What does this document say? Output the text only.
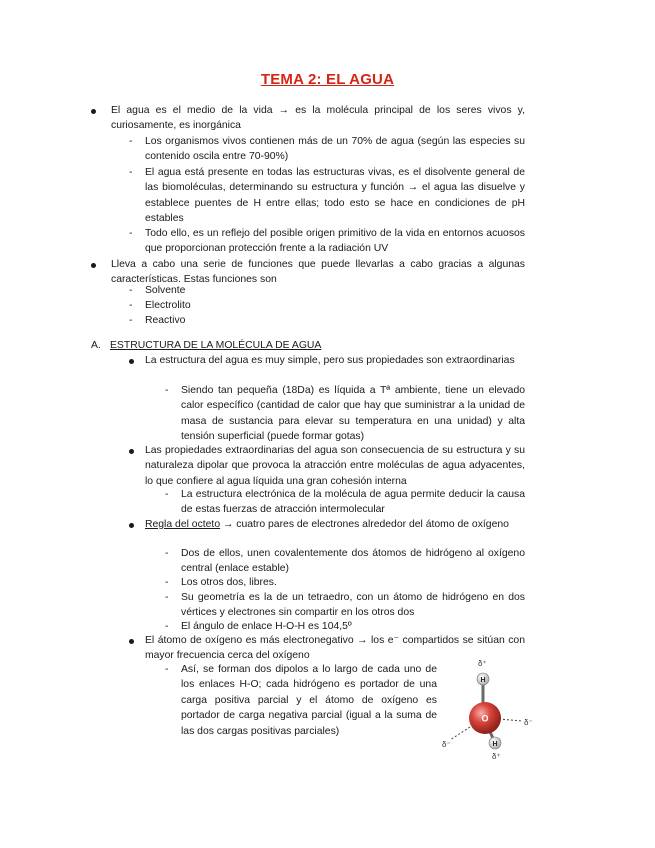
TEMA 2: EL AGUA
El agua es el medio de la vida → es la molécula principal de los seres vivos y, curiosamente, es inorgánica
- Los organismos vivos contienen más de un 70% de agua (según las especies su contenido oscila entre 70-90%)
- El agua está presente en todas las estructuras vivas, es el disolvente general de las biomoléculas, determinando su estructura y función → el agua las disuelve y establece puentes de H entre ellas; todo esto se hace en condiciones de pH estables
- Todo ello, es un reflejo del posible origen primitivo de la vida en entornos acuosos que proporcionan protección frente a la radiación UV
Lleva a cabo una serie de funciones que puede llevarlas a cabo gracias a algunas características. Estas funciones son
- Solvente
- Electrolito
- Reactivo
A. ESTRUCTURA DE LA MOLÉCULA DE AGUA
La estructura del agua es muy simple, pero sus propiedades son extraordinarias
- Siendo tan pequeña (18Da) es líquida a Tª ambiente, tiene un elevado calor específico (cantidad de calor que hay que suministrar a la unidad de masa de sustancia para elevar su temperatura en una unidad) y alta tensión superficial (puede formar gotas)
Las propiedades extraordinarias del agua son consecuencia de su estructura y su naturaleza dipolar que provoca la atracción entre moléculas de agua adyacentes, lo que confiere al agua líquida una gran cohesión interna
- La estructura electrónica de la molécula de agua permite deducir la causa de estas fuerzas de atracción intermolecular
Regla del octeto → cuatro pares de electrones alrededor del átomo de oxígeno
- Dos de ellos, unen covalentemente dos átomos de hidrógeno al oxígeno central (enlace estable)
- Los otros dos, libres.
- Su geometría es la de un tetraedro, con un átomo de hidrógeno en dos vértices y electrones sin compartir en los otros dos
- El ángulo de enlace H-O-H es 104,5º
El átomo de oxígeno es más electronegativo → los e⁻ compartidos se sitúan con mayor frecuencia cerca del oxígeno
- Así, se forman dos dipolos a lo largo de cada uno de los enlaces H-O; cada hidrógeno es portador de una carga positiva parcial y el átomo de oxígeno es portador de carga negativa parcial (igual a la suma de las dos cargas positivas parciales)
O
H
H
δ⁺
δ⁺
δ⁻
δ⁻
